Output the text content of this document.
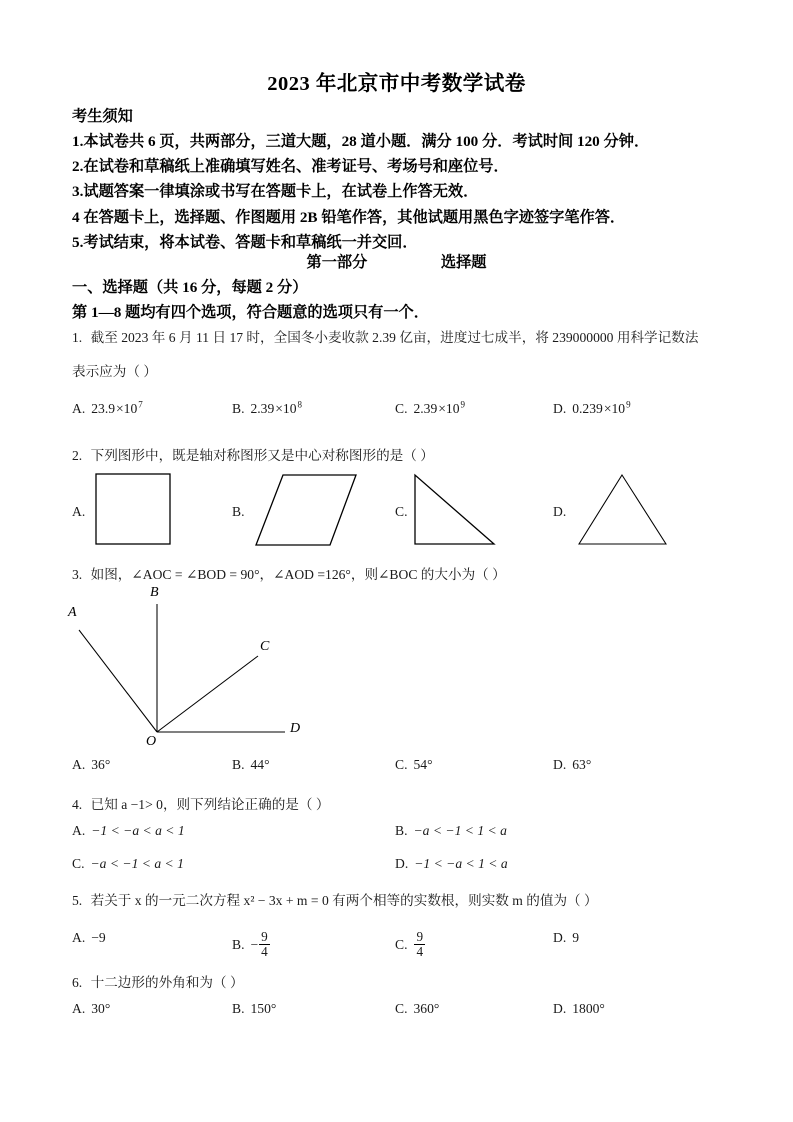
2023 年北京市中考数学试卷
考生须知
1.本试卷共 6 页，共两部分，三道大题，28 道小题．满分 100 分．考试时间 120 分钟．
2.在试卷和草稿纸上准确填写姓名、准考证号、考场号和座位号．
3.试题答案一律填涂或书写在答题卡上，在试卷上作答无效．
4 在答题卡上，选择题、作图题用 2B 铅笔作答，其他试题用黑色字迹签字笔作答．
5.考试结束，将本试卷、答题卡和草稿纸一并交回．
第一部分	选择题
一、选择题（共 16 分，每题 2 分）
第 1—8 题均有四个选项，符合题意的选项只有一个．
1. 截至 2023 年 6 月 11 日 17 时，全国冬小麦收款 2.39 亿亩，进度过七成半，将 239000000 用科学记数法
表示应为（ ）
A. $23.9\times 10^7$	B. $2.39\times 10^8$	C. $2.39\times 10^9$	D. $0.239\times 10^9$
2. 下列图形中，既是轴对称图形又是中心对称图形的是（ ）
A.	B.	C.	D.
3. 如图，∠AOC = ∠BOD = 90°，∠AOD =126°，则∠BOC 的大小为（ ）
A
B
C
D
O
A. 36°	B. 44°	C. 54°	D. 63°
4. 已知 a −1> 0，则下列结论正确的是（ ）
A. −1 < −a < a < 1	B. −a < −1 < 1 < a
C. −a < −1 < a < 1	D. −1 < −a < 1 < a
5. 若关于 x 的一元二次方程 x² − 3x + m = 0 有两个相等的实数根，则实数 m 的值为（ ）
A. −9	B. − $\frac{9}{4}$	C. $\frac{9}{4}$	D. 9
6. 十二边形的外角和为（ ）
A. 30°	B. 150°	C. 360°	D. 1800°
